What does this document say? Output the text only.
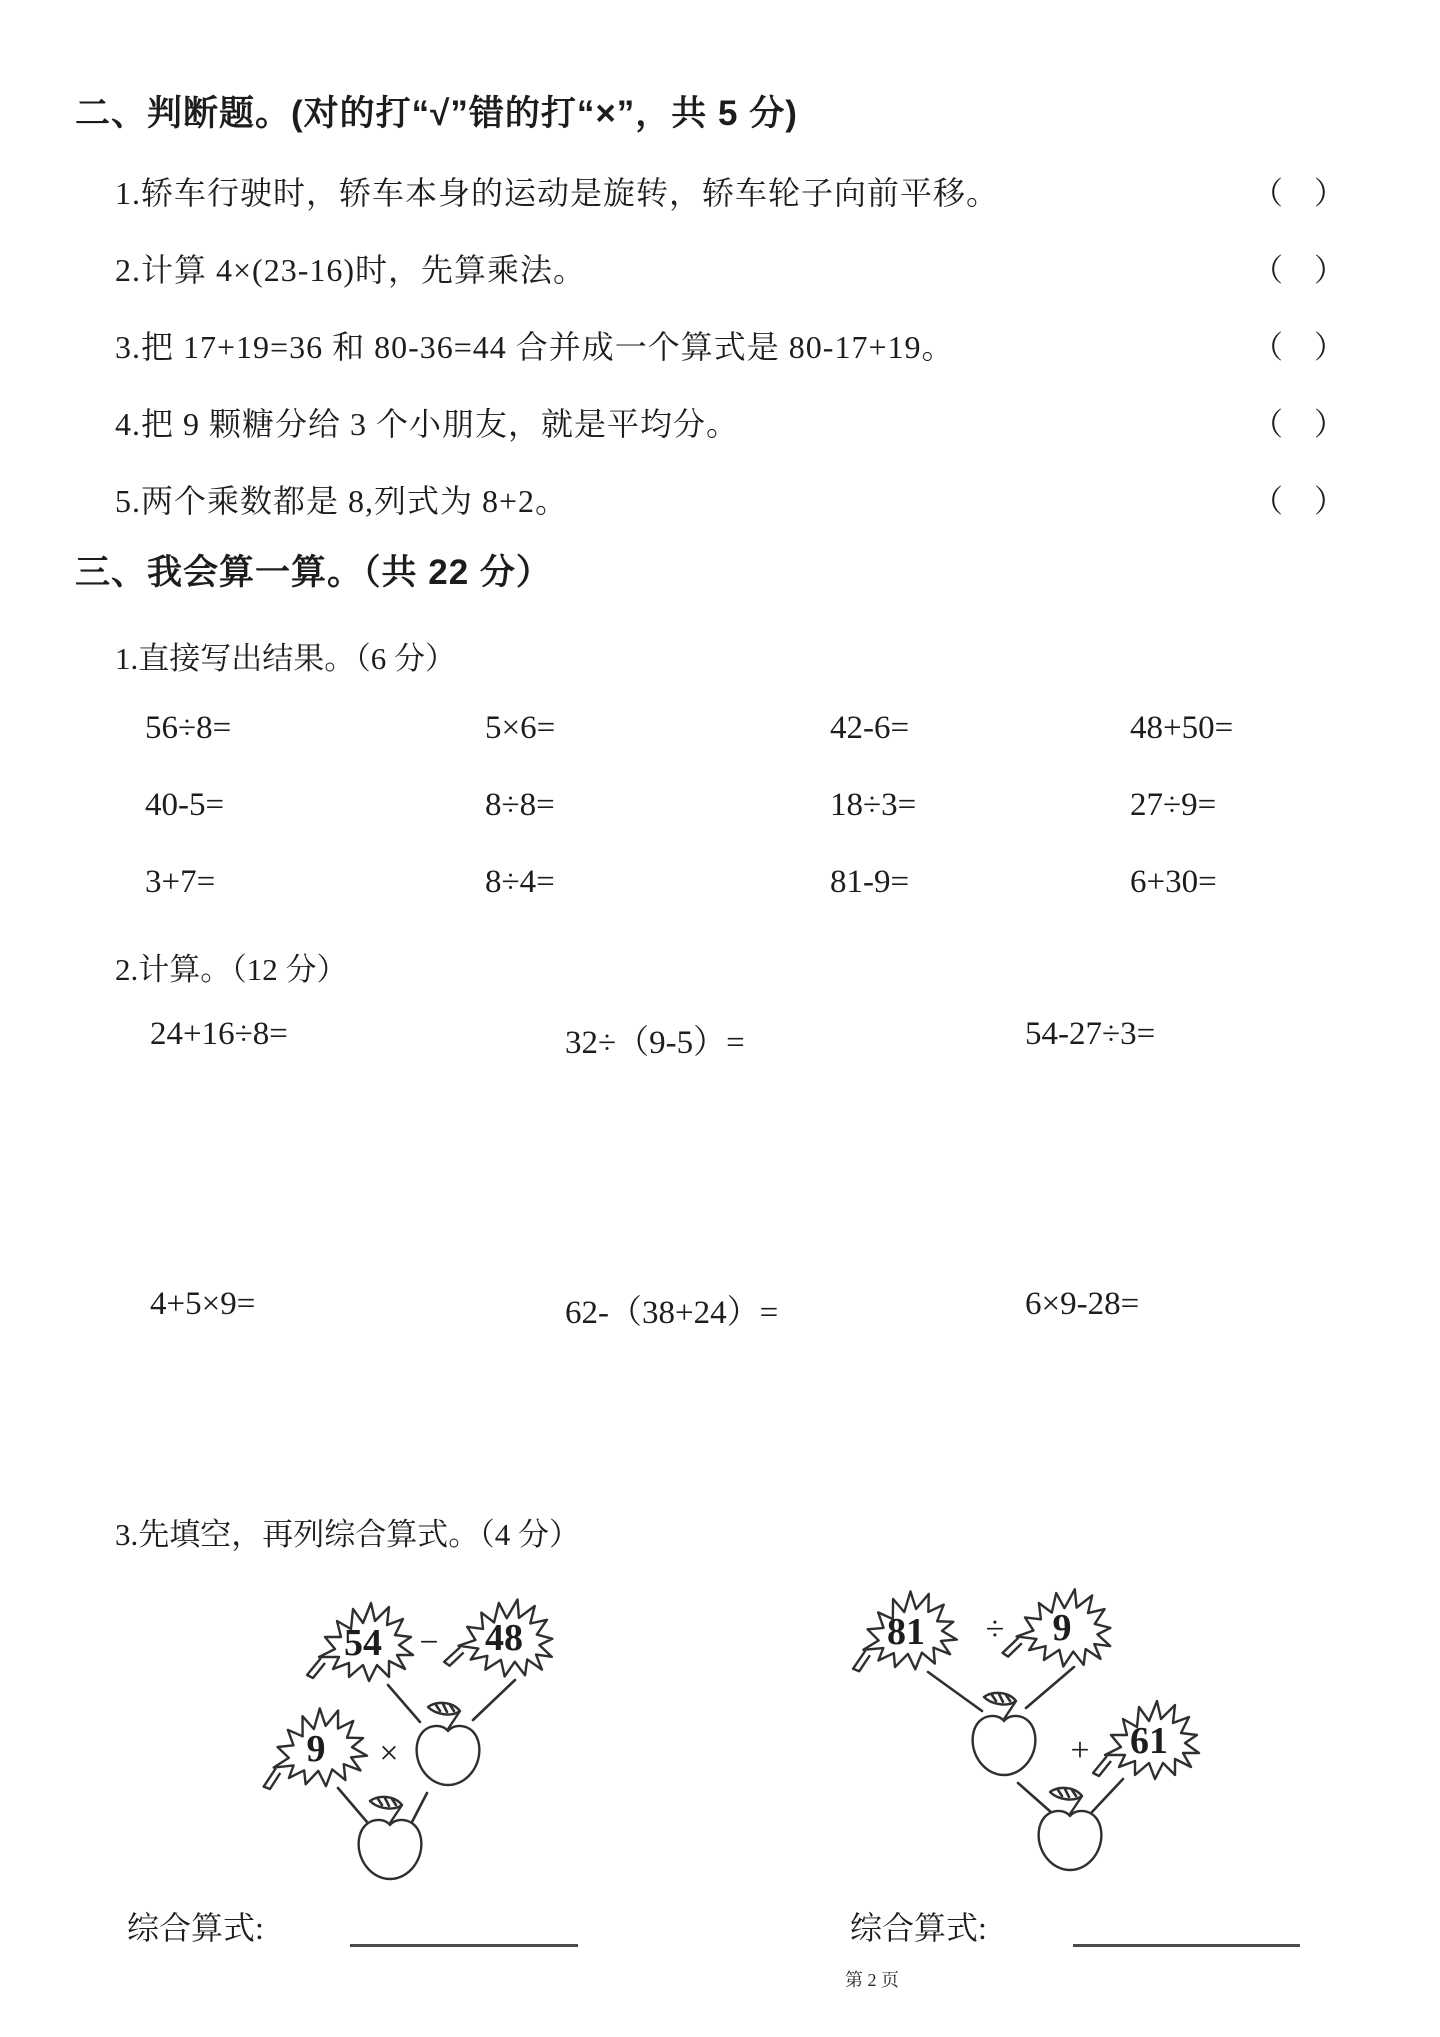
二、判断题。(对的打“√”错的打“×”，共 5 分)
1.轿车行驶时，轿车本身的运动是旋转，轿车轮子向前平移。	（　）
2.计算 4×(23-16)时，先算乘法。	（　）
3.把 17+19=36 和 80-36=44 合并成一个算式是 80-17+19。	（　）
4.把 9 颗糖分给 3 个小朋友，就是平均分。	（　）
5.两个乘数都是 8,列式为 8+2。	（　）
三、我会算一算。（共 22 分）
1.直接写出结果。（6 分）
56÷8=	5×6=	42-6=	48+50=
40-5=	8÷8=	18÷3=	27÷9=
3+7=	8÷4=	81-9=	6+30=
2.计算。（12 分）
24+16÷8=	32÷（9-5）=	54-27÷3=
4+5×9=	62-（38+24）=	6×9-28=
3.先填空，再列综合算式。（4 分）
54 − 48
9 ×
81 ÷ 9
+ 61
综合算式:	综合算式:
第 2 页
